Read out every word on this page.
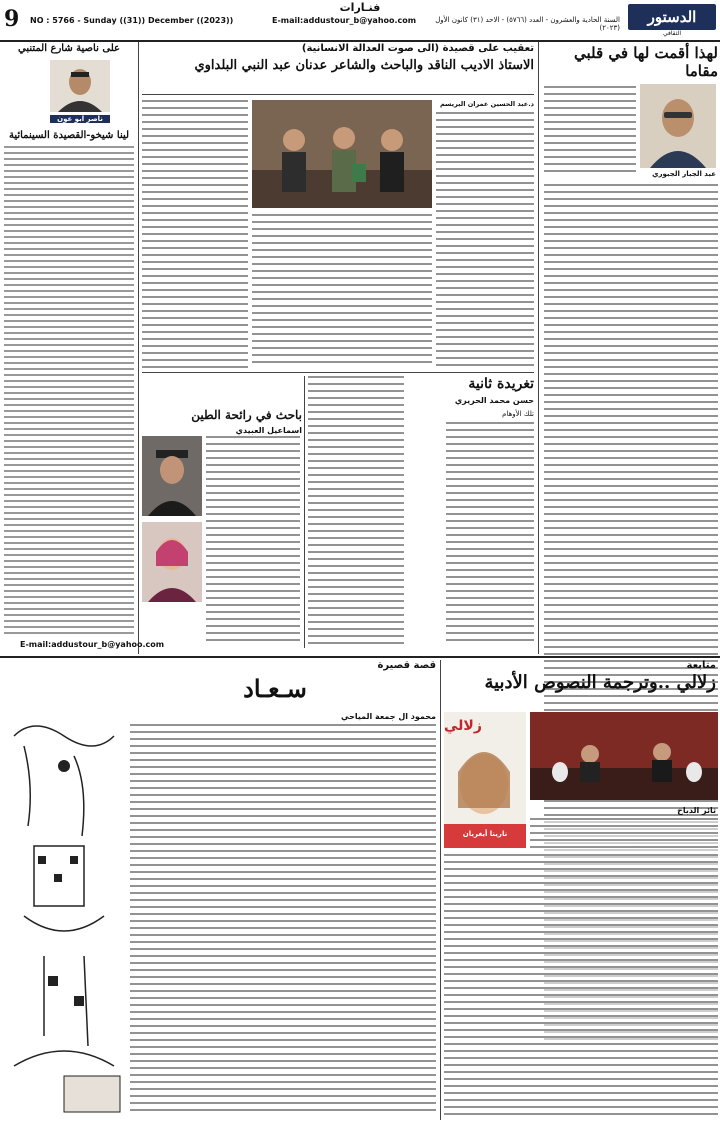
9 NO : 5766 - Sunday ((31)) December ((2023))
فنـارات
E-mail:addustour_b@yahoo.com	السنة الحادية والعشرون - العدد (٥٧٦٦) - الاحد (٣١) كانون الأول (٢٠٢٣)
الدستور
الثقافي
لهذا أقمت لها في قلبي مقاما
عبد الجبار الجبوري
تعقيب على قصيدة (الى صوت العدالة الانسانية)
الاستاذ الاديب الناقد والباحث والشاعر عدنان عبد النبي البلداوي
د.عبد الحسين عمران البريسم
على ناصية شارع المتنبي
ناصر ابو عون
لينا شيخو-القصيدة السينمائية
E-mail:addustour_b@yahoo.com
تغريدة ثانية
حسن محمد الحريري
تلك الأوهام
باحث في رائحة الطين
اسماعيل العبيدي
متابعة
زلالي ..وترجمة النصوص الأدبية
زلالي
نارينا أيغريان
ثائر الدباخ
قصة قصيرة
سـعـاد
محمود ال جمعة المياحي
